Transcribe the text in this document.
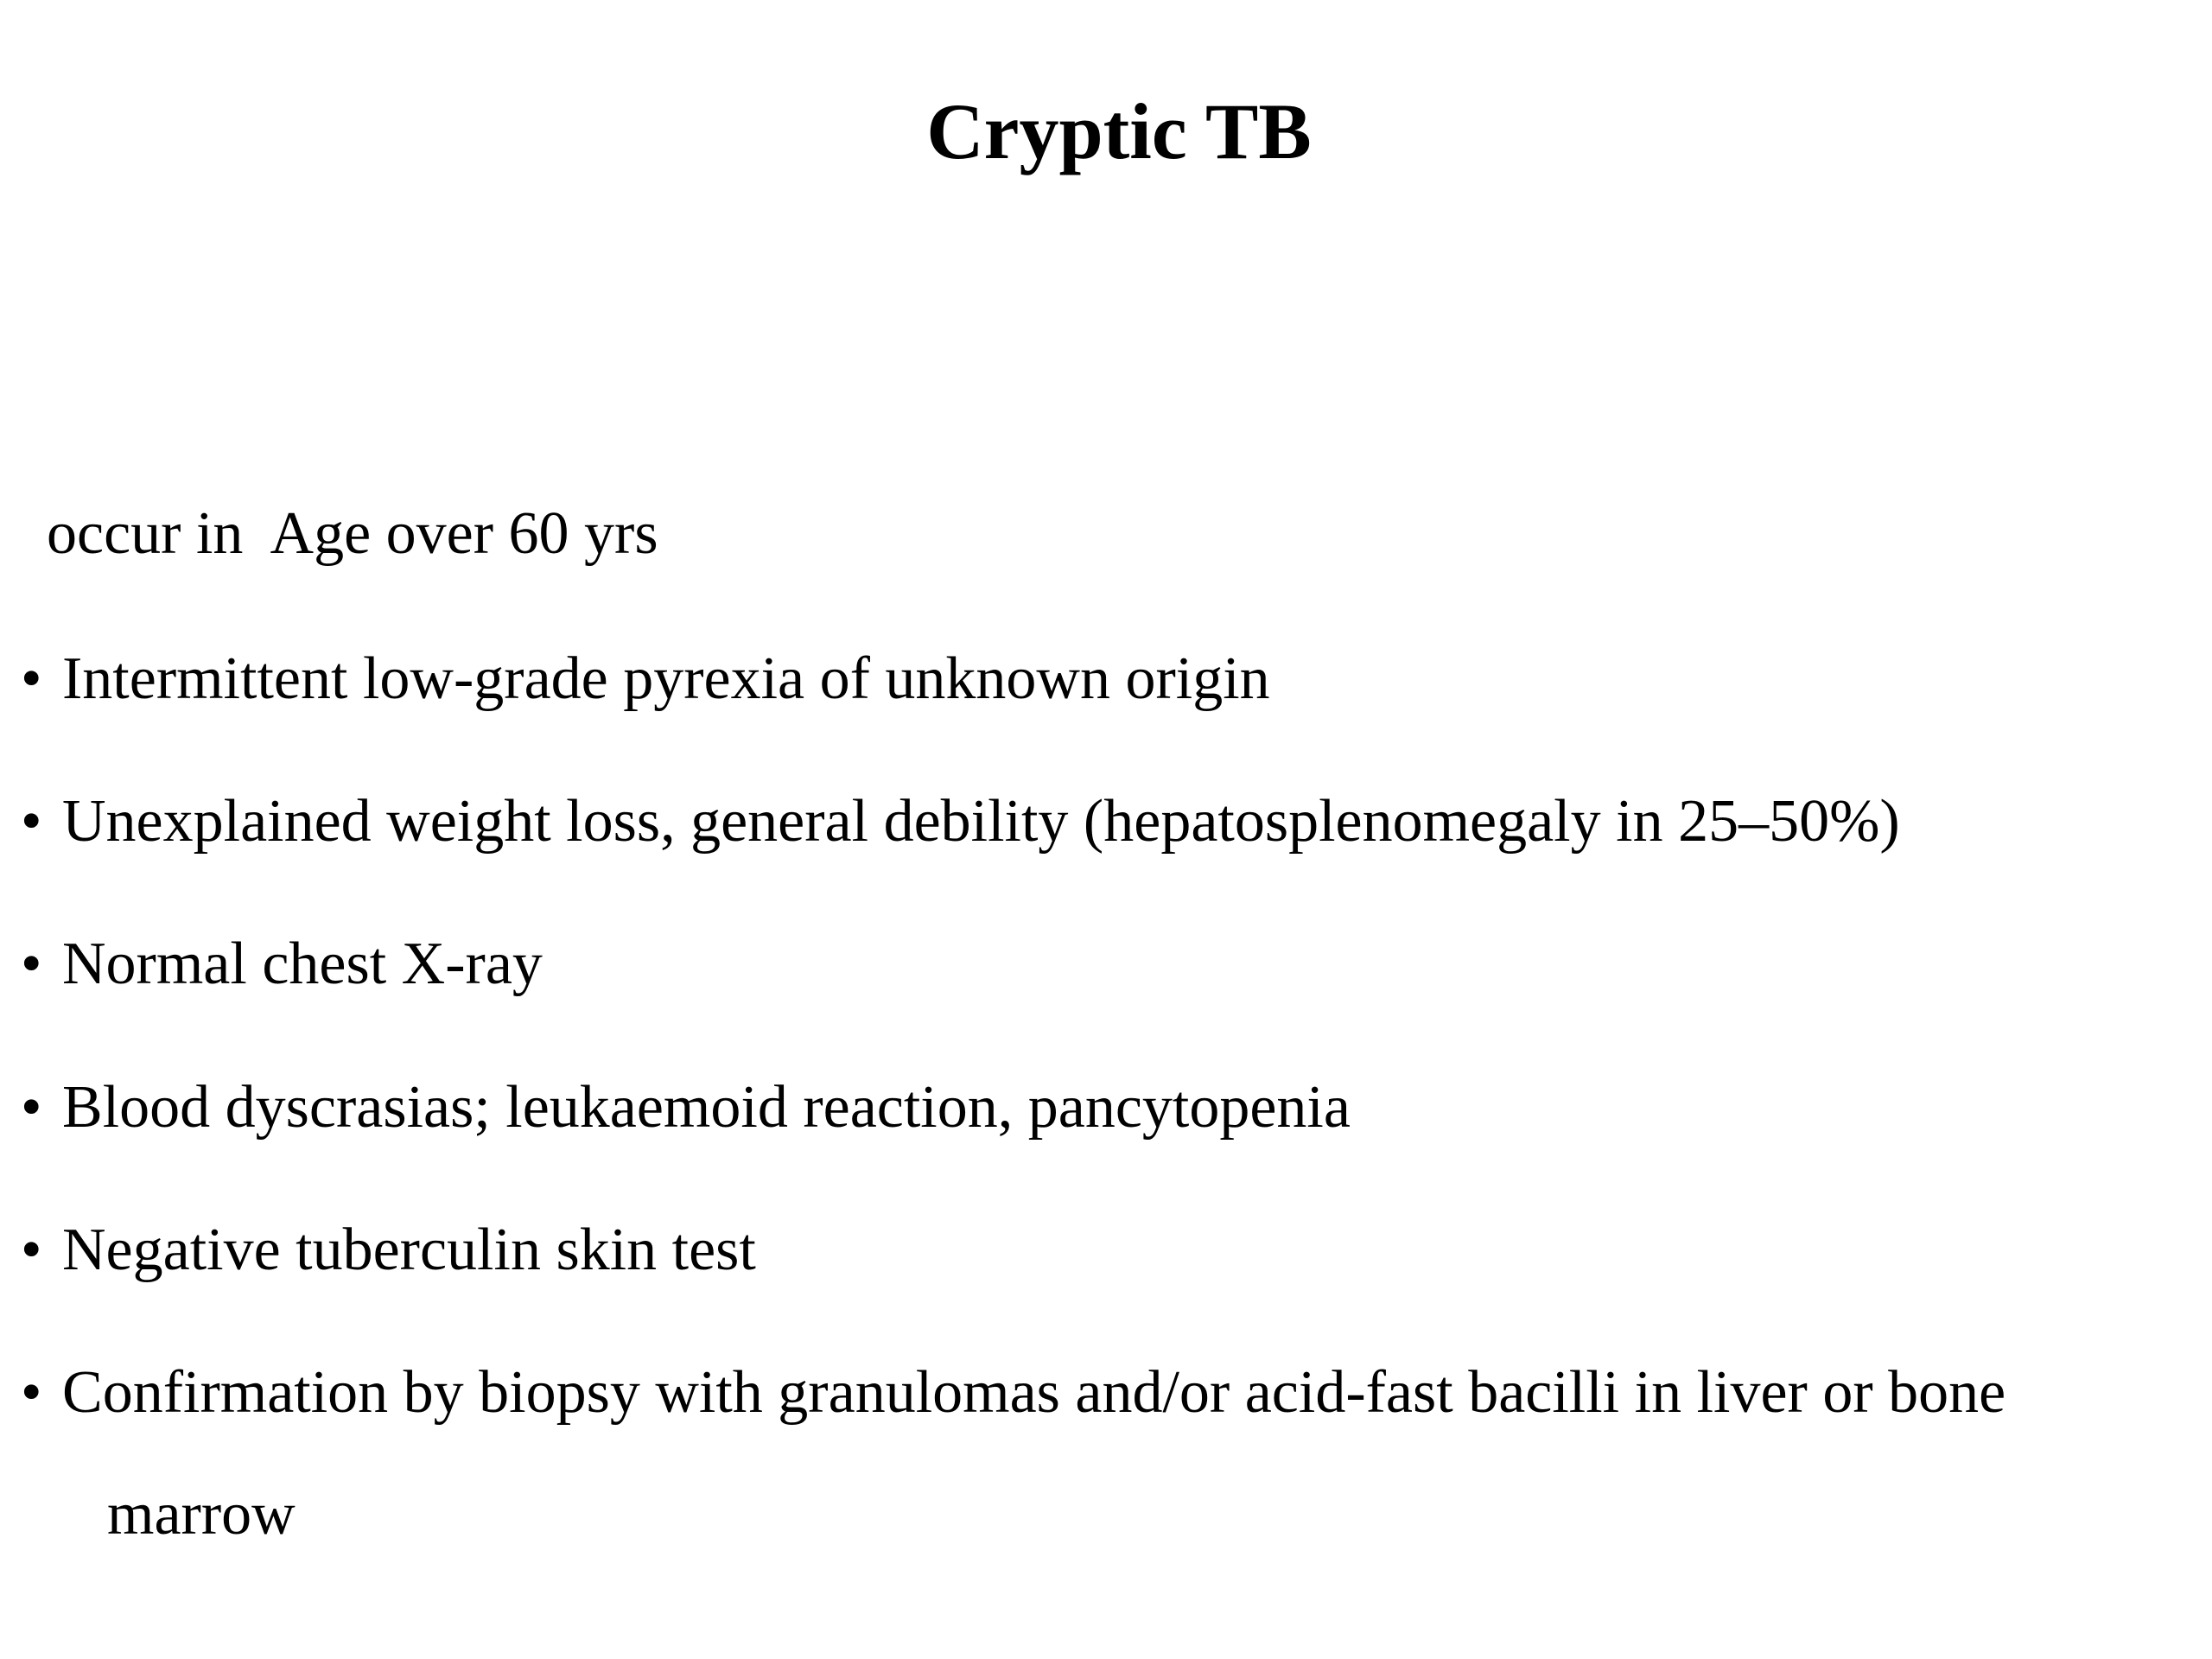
Cryptic TB

occur in  Age over 60 yrs

• Intermittent low-grade pyrexia of unknown origin
• Unexplained weight loss, general debility (hepatosplenomegaly in 25–50%)
• Normal chest X-ray
• Blood dyscrasias; leukaemoid reaction, pancytopenia
• Negative tuberculin skin test
• Confirmation by biopsy with granulomas and/or acid-fast bacilli in liver or bone
marrow
